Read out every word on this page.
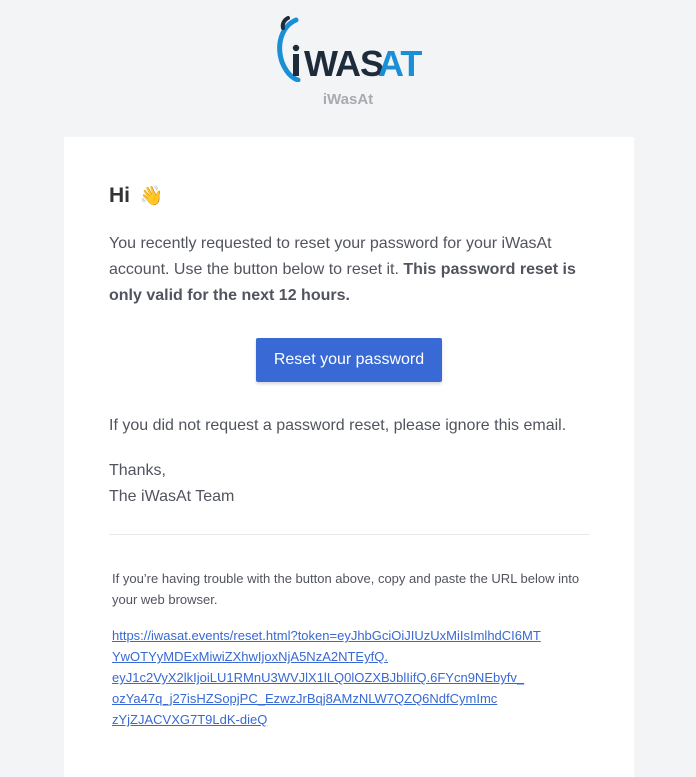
WAS
AT
iWasAt
Hi 👋

You recently requested to reset your password for your iWasAt account. Use the button below to reset it. This password reset is only valid for the next 12 hours.

Reset your password

If you did not request a password reset, please ignore this email.

Thanks,
The iWasAt Team

If you’re having trouble with the button above, copy and paste the URL below into your web browser.

https://iwasat.events/reset.html?token=eyJhbGciOiJIUzUxMiIsImlhdCI6MT
YwOTYyMDExMiwiZXhwIjoxNjA5NzA2NTEyfQ.
eyJ1c2VyX2lkIjoiLU1RMnU3WVJlX1lLQ0lOZXBJblIifQ.6FYcn9NEbyfv_
ozYa47q_j27isHZSopjPC_EzwzJrBqj8AMzNLW7QZQ6NdfCymImc
zYjZJACVXG7T9LdK-dieQ
